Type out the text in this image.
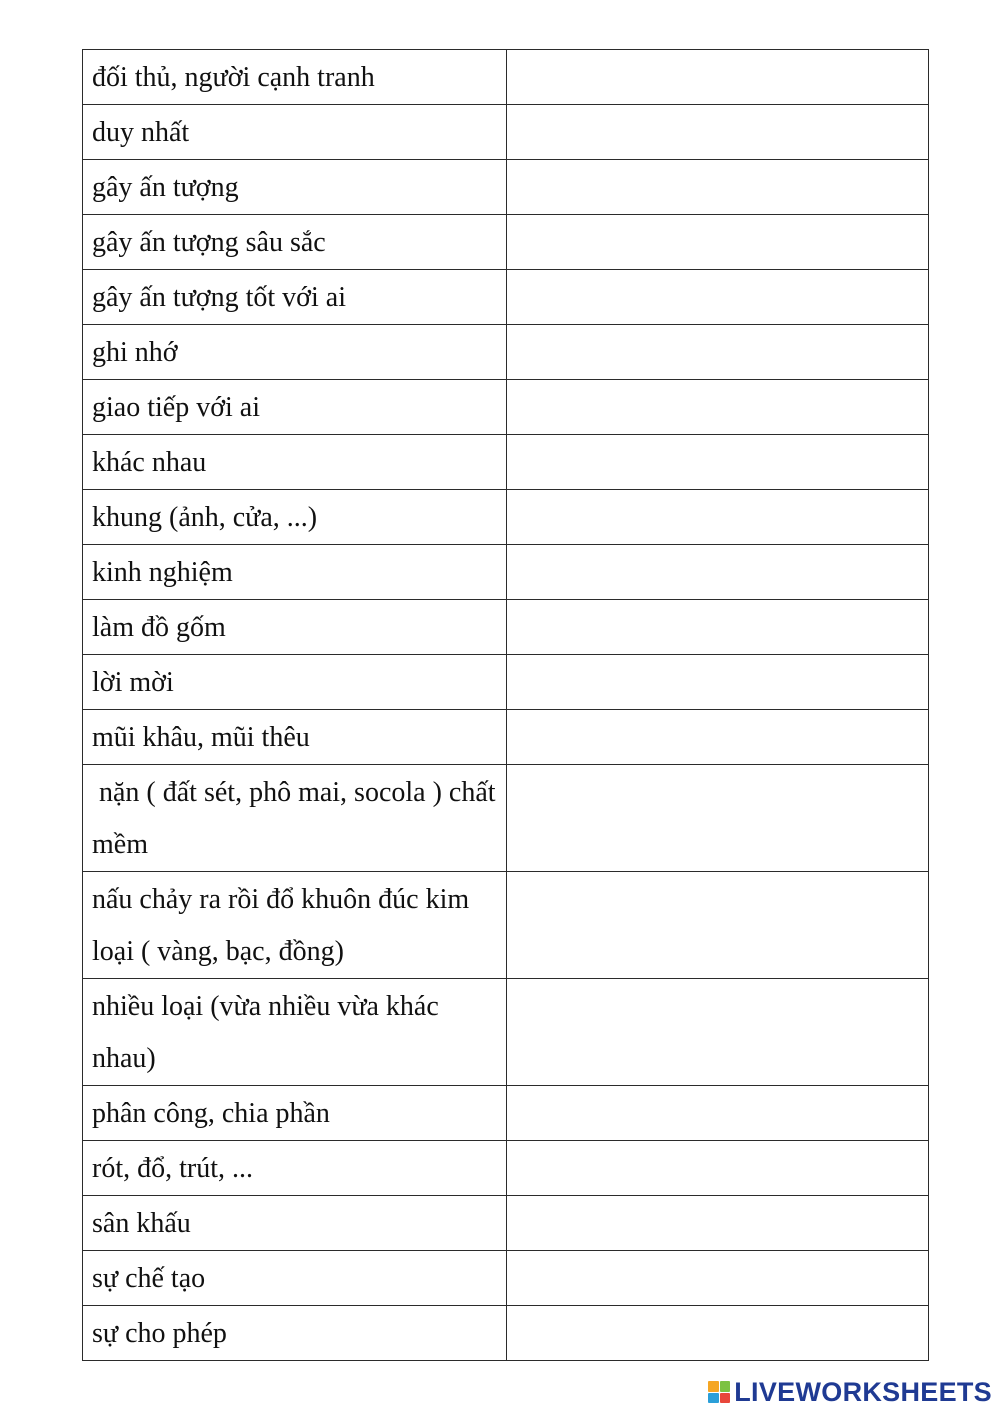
đối thủ, người cạnh tranh	

duy nhất	

gây ấn tượng	

gây ấn tượng sâu sắc	

gây ấn tượng tốt với ai	

ghi nhớ	

giao tiếp với ai	

khác nhau	

khung (ảnh, cửa, ...)	

kinh nghiệm	

làm đồ gốm	

lời mời	

mũi khâu, mũi thêu	

nặn ( đất sét, phô mai, socola ) chất mềm	

nấu chảy ra rồi đổ khuôn đúc kim loại ( vàng, bạc, đồng)	

nhiều loại (vừa nhiều vừa khác nhau)	

phân công, chia phần	

rót, đổ, trút, ...	

sân khấu	

sự chế tạo	

sự cho phép	

LIVEWORKSHEETS
